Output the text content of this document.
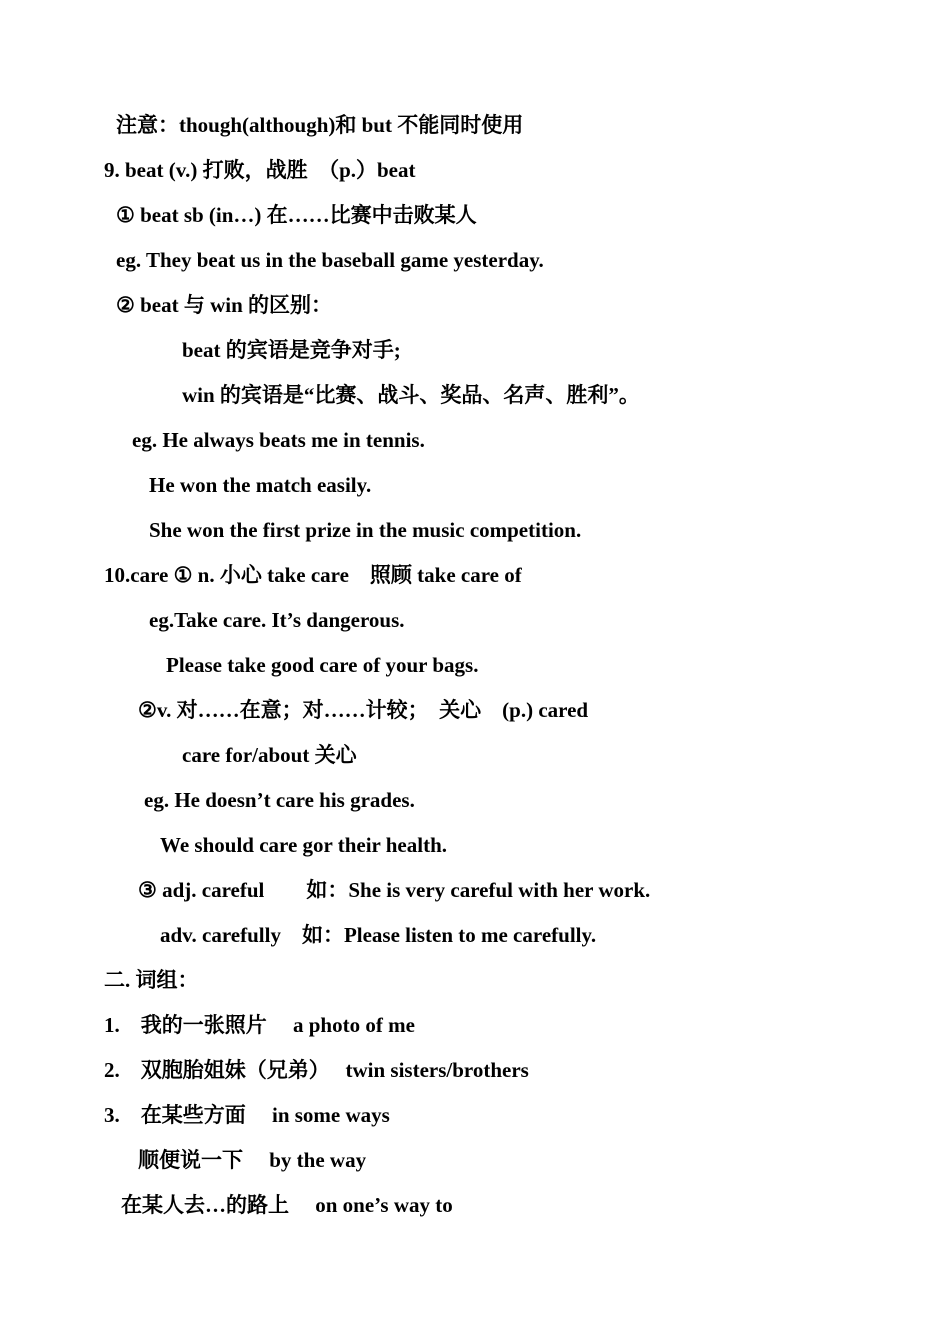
注意：though(although)和 but 不能同时使用
9. beat (v.) 打败，战胜　（p.）beat
① beat sb (in…) 在……比赛中击败某人
eg. They beat us in the baseball game yesterday.
② beat 与 win 的区别：
beat 的宾语是竞争对手;
win 的宾语是“比赛、战斗、奖品、名声、胜利”。
eg. He always beats me in tennis.
He won the match easily.
She won the first prize in the music competition.
10.care ① n. 小心 take care　照顾 take care of
eg.Take care. It’s dangerous.
Please take good care of your bags.
②v. 对……在意；对……计较；　关心　(p.) cared
care for/about 关心
eg. He doesn’t care his grades.
We should care gor their health.
③ adj. careful　　如：She is very careful with her work.
adv. carefully　如：Please listen to me carefully.
二. 词组：
1.　我的一张照片　 a photo of me
2.　双胞胎姐妹（兄弟）　 twin sisters/brothers
3.　在某些方面　 in some ways
顺便说一下　 by the way
在某人去…的路上　 on one’s way to
